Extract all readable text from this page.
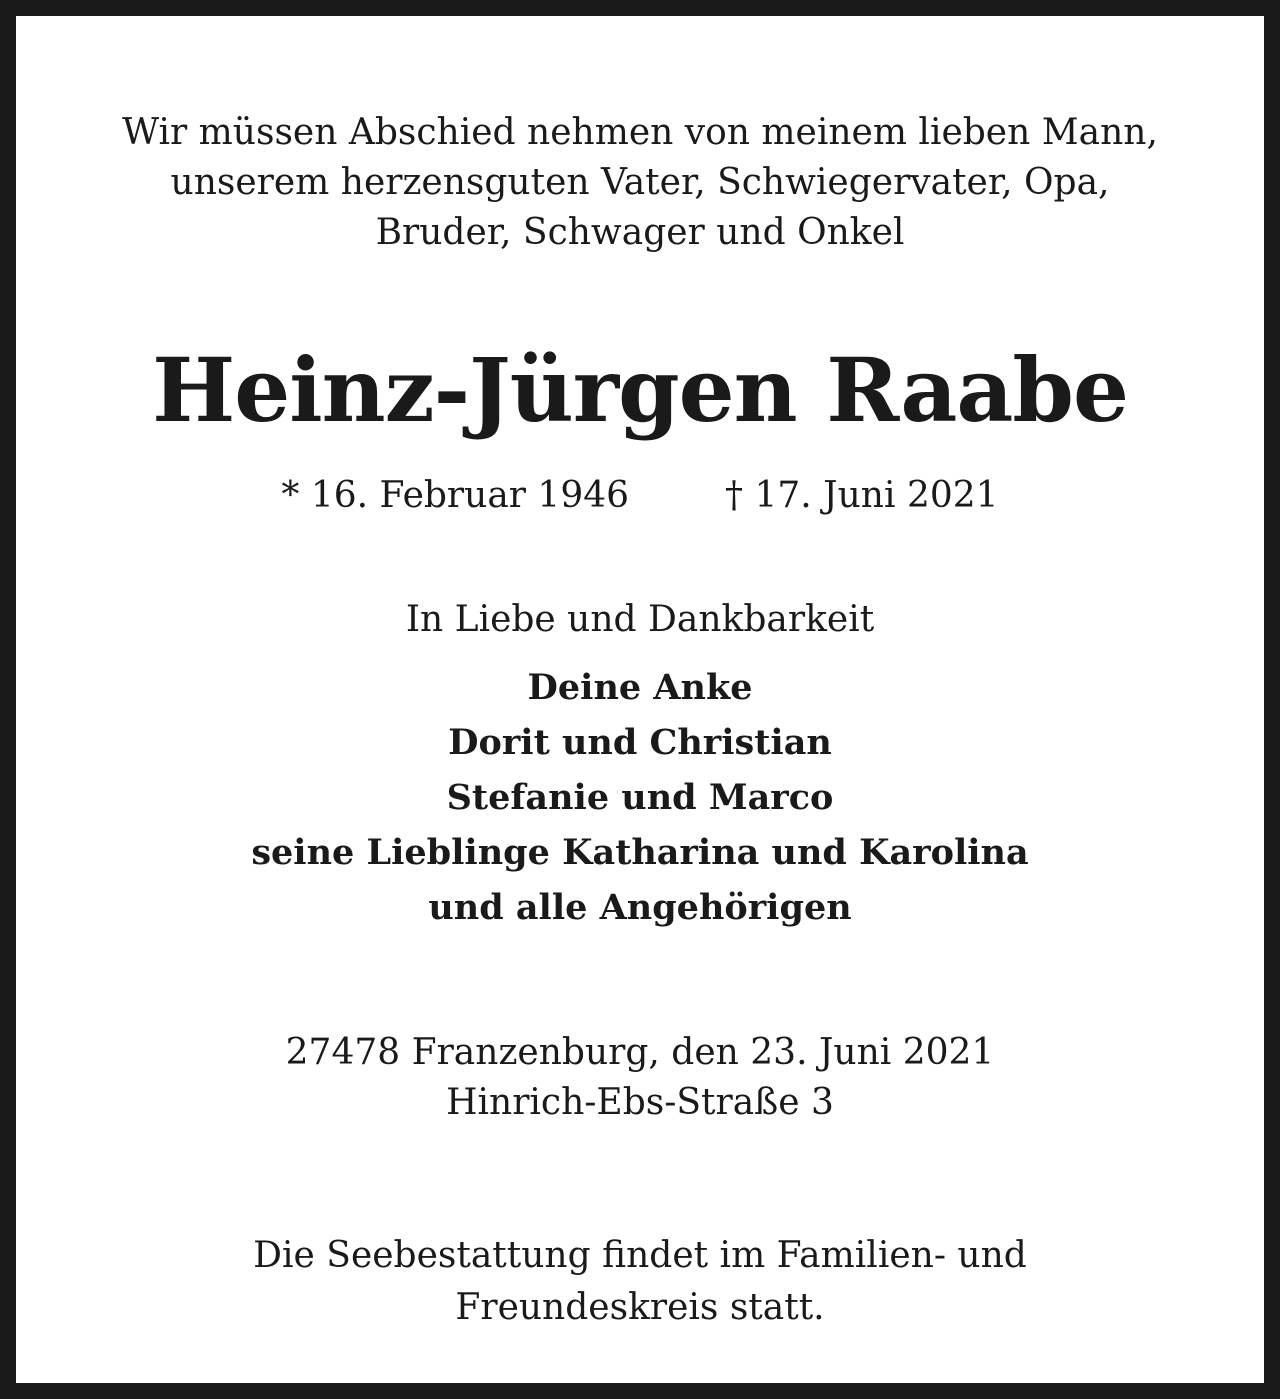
Wir müssen Abschied nehmen von meinem lieben Mann,
unserem herzensguten Vater, Schwiegervater, Opa,
Bruder, Schwager und Onkel
Heinz-Jürgen Raabe
* 16. Februar 1946	† 17. Juni 2021
In Liebe und Dankbarkeit
Deine Anke
Dorit und Christian
Stefanie und Marco
seine Lieblinge Katharina und Karolina
und alle Angehörigen
27478 Franzenburg, den 23. Juni 2021
Hinrich-Ebs-Straße 3
Die Seebestattung findet im Familien- und
Freundeskreis statt.
